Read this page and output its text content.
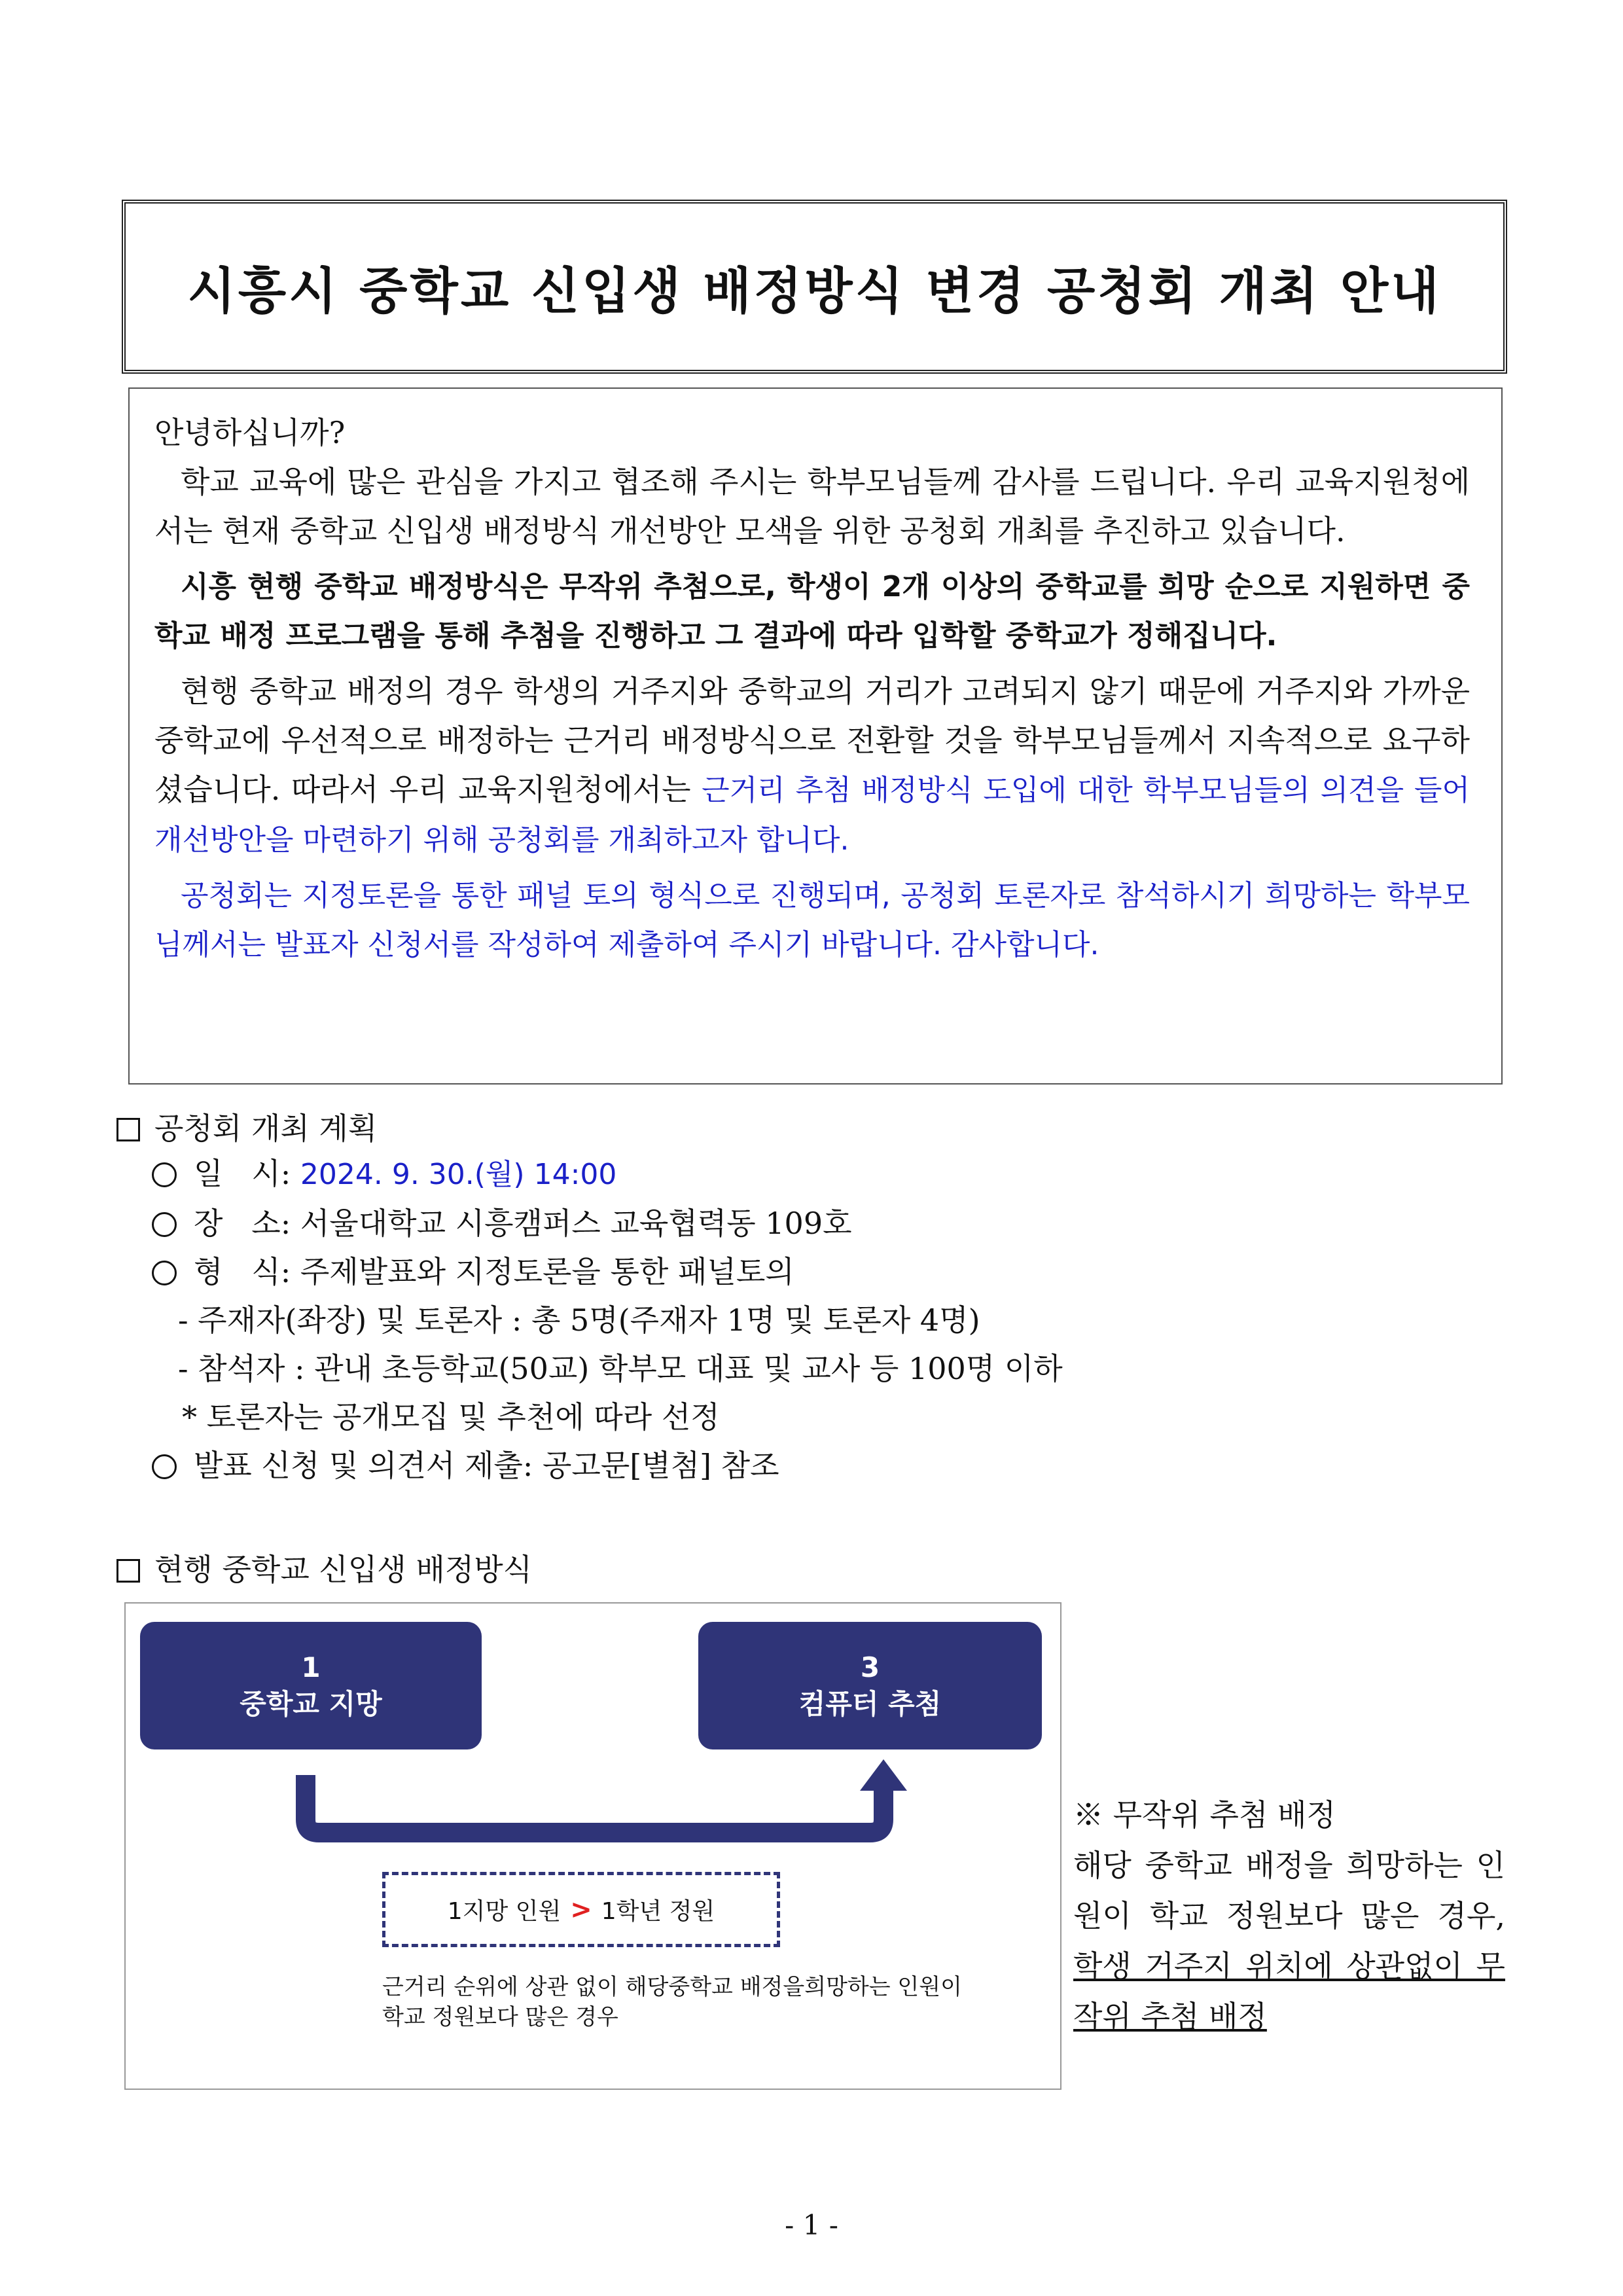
시흥시 중학교 신입생 배정방식 변경 공청회 개최 안내

안녕하십니까?

학교 교육에 많은 관심을 가지고 협조해 주시는 학부모님들께 감사를 드립니다. 우리 교육지원청에서는 현재 중학교 신입생 배정방식 개선방안 모색을 위한 공청회 개최를 추진하고 있습니다.

시흥 현행 중학교 배정방식은 무작위 추첨으로, 학생이 2개 이상의 중학교를 희망 순으로 지원하면 중학교 배정 프로그램을 통해 추첨을 진행하고 그 결과에 따라 입학할 중학교가 정해집니다.

현행 중학교 배정의 경우 학생의 거주지와 중학교의 거리가 고려되지 않기 때문에 거주지와 가까운 중학교에 우선적으로 배정하는 근거리 배정방식으로 전환할 것을 학부모님들께서 지속적으로 요구하셨습니다. 따라서 우리 교육지원청에서는 근거리 추첨 배정방식 도입에 대한 학부모님들의 의견을 들어 개선방안을 마련하기 위해 공청회를 개최하고자 합니다.

공청회는 지정토론을 통한 패널 토의 형식으로 진행되며, 공청회 토론자로 참석하시기 희망하는 학부모님께서는 발표자 신청서를 작성하여 제출하여 주시기 바랍니다. 감사합니다.

공청회 개최 계획
일   시: 2024. 9. 30.(월) 14:00
장   소: 서울대학교 시흥캠퍼스 교육협력동 109호
형   식: 주제발표와 지정토론을 통한 패널토의
- 주재자(좌장) 및 토론자 : 총 5명(주재자 1명 및 토론자 4명)
- 참석자 : 관내 초등학교(50교) 학부모 대표 및 교사 등 100명 이하
* 토론자는 공개모집 및 추천에 따라 선정
발표 신청 및 의견서 제출: 공고문[별첨] 참조
현행 중학교 신입생 배정방식
1
중학교 지망
3
컴퓨터 추첨
1지망 인원 > 1학년 정원
근거리 순위에 상관 없이 해당중학교 배정을희망하는 인원이 학교 정원보다 많은 경우
※ 무작위 추첨 배정
해당 중학교 배정을 희망하는 인원이 학교 정원보다 많은 경우, 학생 거주지 위치에 상관없이 무작위 추첨 배정
- 1 -
